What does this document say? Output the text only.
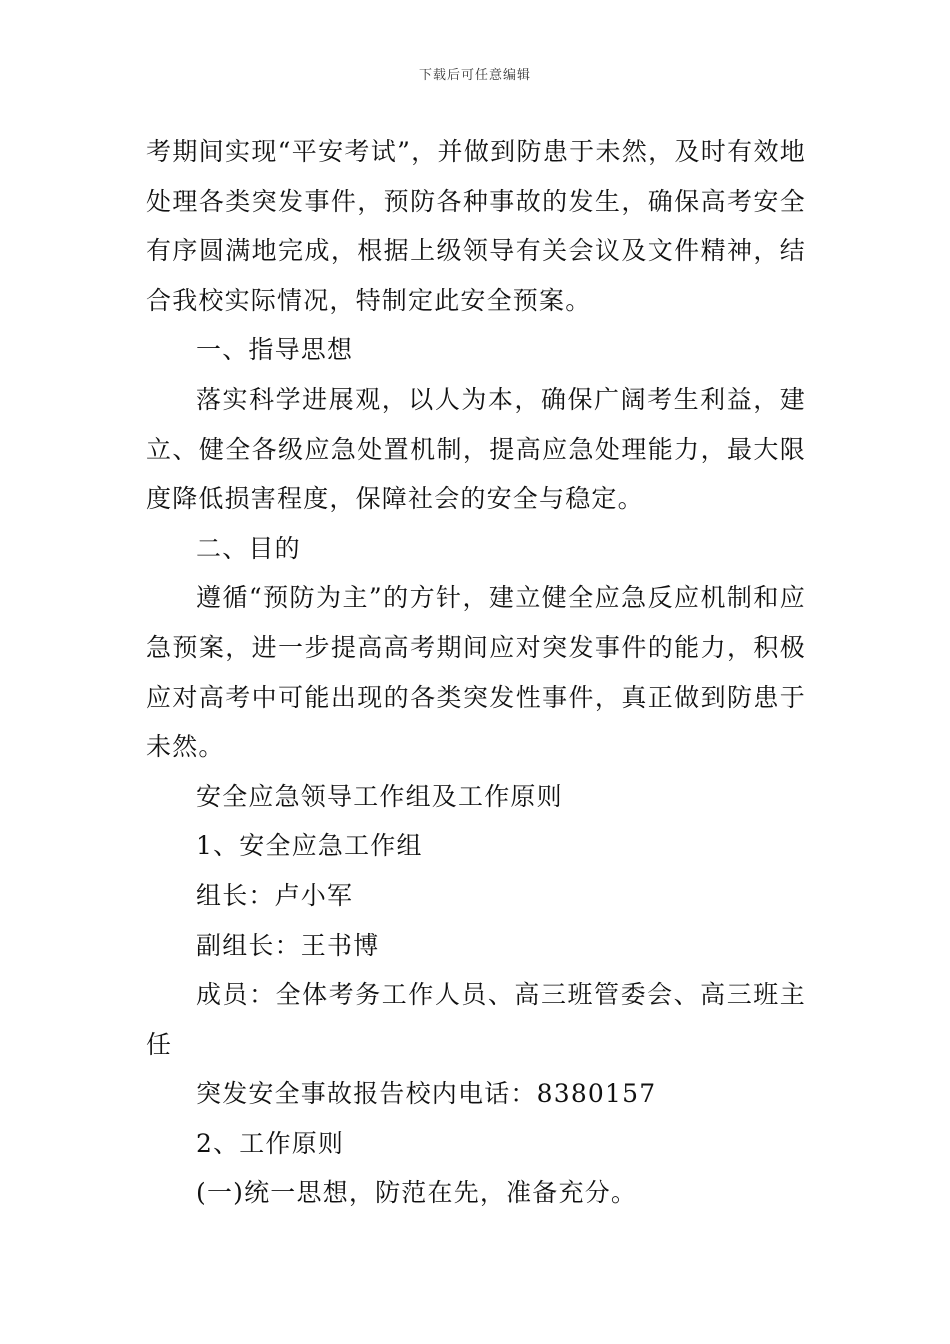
下载后可任意编辑

考期间实现“平安考试”，并做到防患于未然，及时有效地处理各类突发事件，预防各种事故的发生，确保高考安全有序圆满地完成，根据上级领导有关会议及文件精神，结合我校实际情况，特制定此安全预案。

一、指导思想

落实科学进展观，以人为本，确保广阔考生利益，建立、健全各级应急处置机制，提高应急处理能力，最大限度降低损害程度，保障社会的安全与稳定。

二、目的

遵循“预防为主”的方针，建立健全应急反应机制和应急预案，进一步提高高考期间应对突发事件的能力，积极应对高考中可能出现的各类突发性事件，真正做到防患于未然。

安全应急领导工作组及工作原则

1、安全应急工作组

组长：卢小军

副组长：王书博

成员：全体考务工作人员、高三班管委会、高三班主任

突发安全事故报告校内电话：8380157

2、工作原则

(一)统一思想，防范在先，准备充分。
